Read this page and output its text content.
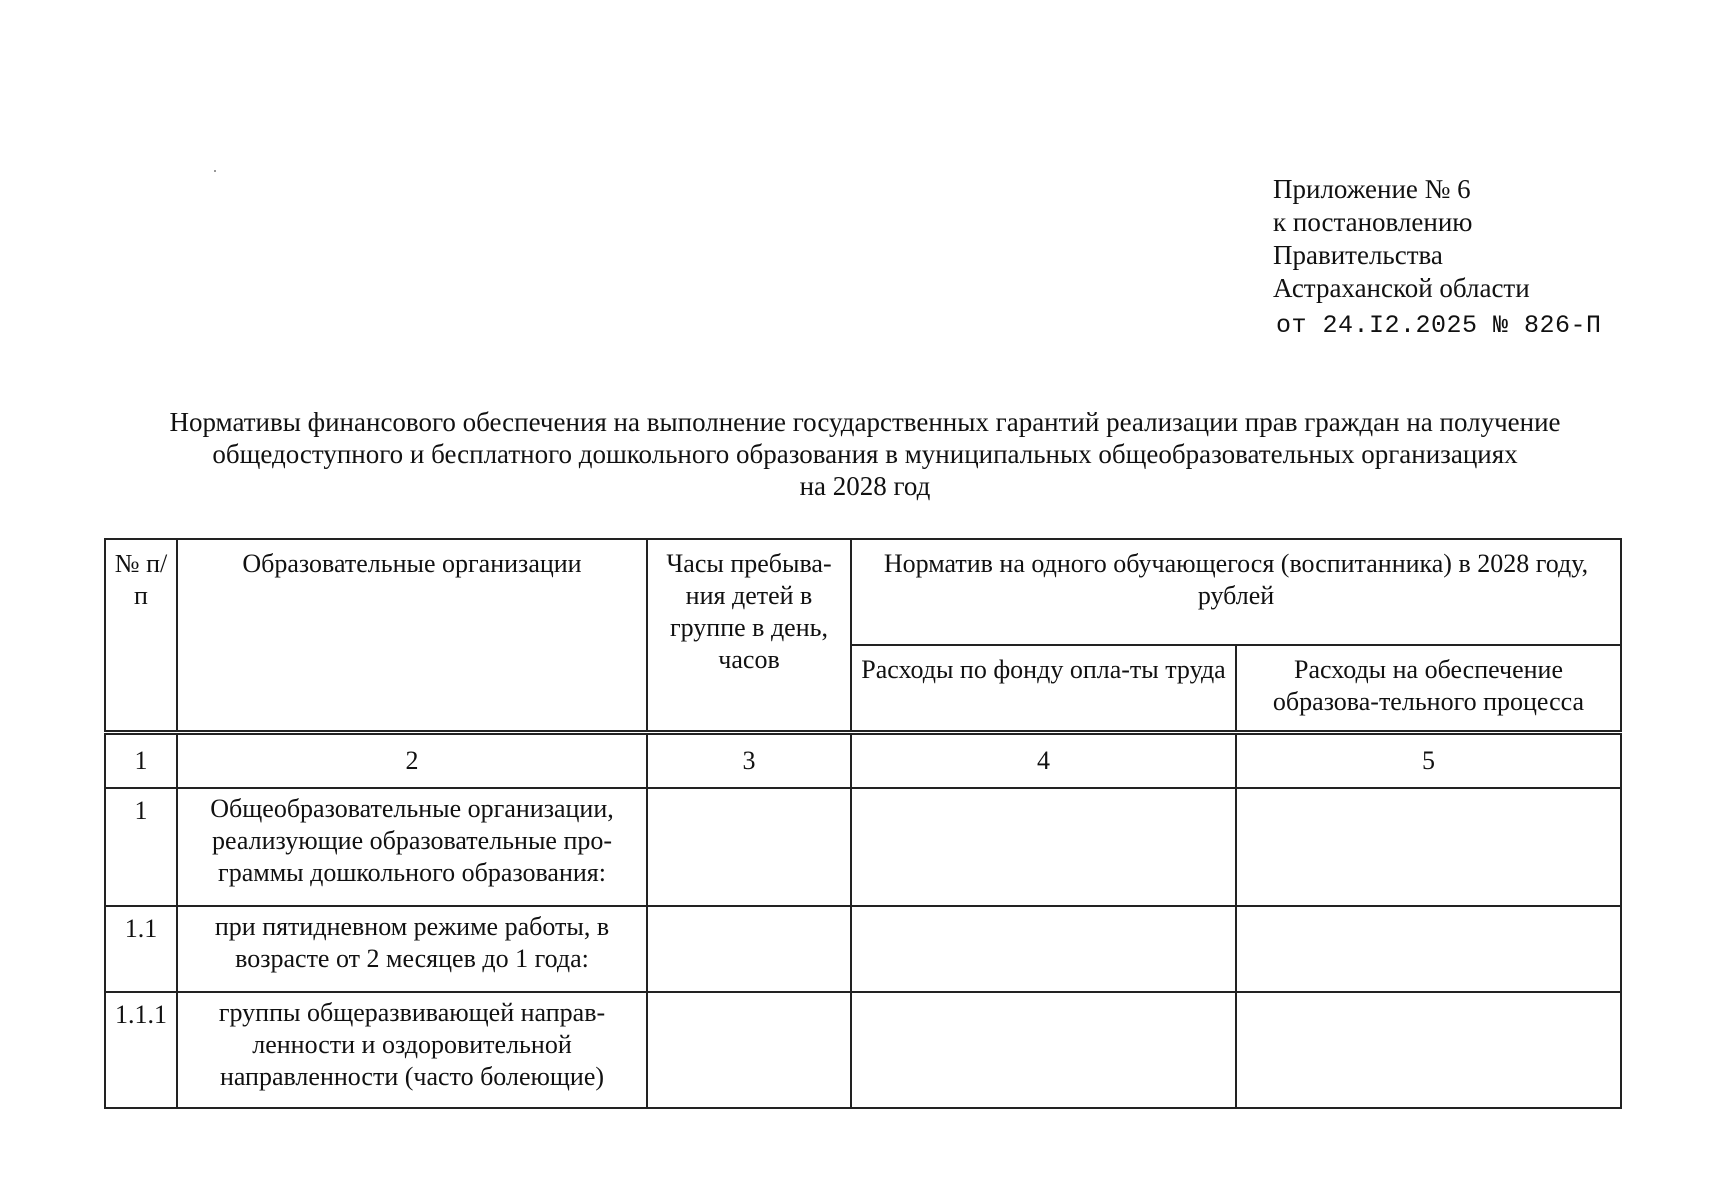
Приложение № 6
к постановлению
Правительства
Астраханской области
от 24.I2.2025 № 826-П
Нормативы финансового обеспечения на выполнение государственных гарантий реализации прав граждан на получение
общедоступного и бесплатного дошкольного образования в муниципальных общеобразовательных организациях
на 2028 год
№ п/п	Образовательные организации	Часы пребыва-ния детей в группе в день, часов	Норматив на одного обучающегося (воспитанника) в 2028 году, рублей	
			Расходы по фонду опла-ты труда	Расходы на обеспечение образова-тельного процесса
1	2	3	4	5
1	Общеобразовательные организации, реализующие образовательные про-граммы дошкольного образования:			
1.1	при пятидневном режиме работы, в возрасте от 2 месяцев до 1 года:			
1.1.1	группы общеразвивающей направ-ленности и оздоровительной направленности (часто болеющие)			
